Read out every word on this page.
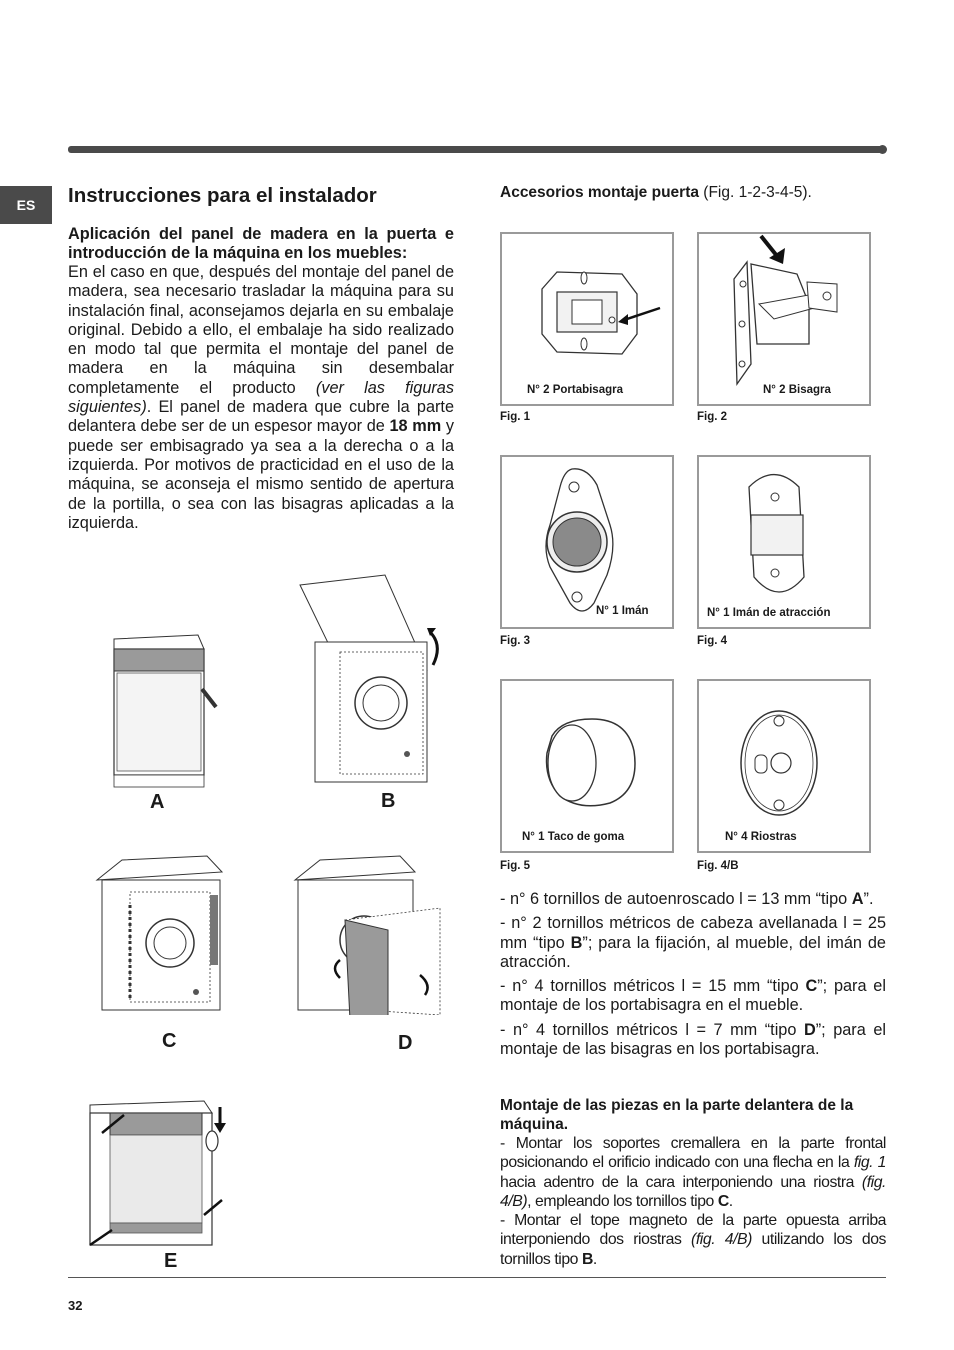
ES	Instrucciones para el instalador
Aplicación del panel de madera en la puerta e introducción de la máquina en los muebles:

En el caso en que, después del montaje del panel de madera, sea necesario trasladar la máquina para su instalación final, aconsejamos dejarla en su embalaje original. Debido a ello, el embalaje ha sido realizado en modo tal que permita el montaje del panel de madera en la máquina sin desembalar completamente el producto (ver las figuras siguientes). El panel de madera que cubre la parte delantera debe ser de un espesor mayor de 18 mm y puede ser embisagrado ya sea a la derecha o a la izquierda. Por motivos de practicidad en el uso de la máquina, se aconseja el mismo sentido de apertura de la portilla, o sea con las bisagras aplicadas a la izquierda.

A	B
C	D
E
Accesorios montaje puerta (Fig. 1-2-3-4-5).
N° 2 Portabisagra
Fig. 1
N° 2 Bisagra
Fig. 2
N° 1 Imán
Fig. 3
N° 1 Imán de atracción
Fig. 4
N° 1 Taco de goma
Fig. 5
N° 4 Riostras
Fig. 4/B

- n° 6 tornillos de autoenroscado l = 13 mm “tipo A”.

- n° 2 tornillos métricos de cabeza avellanada l = 25 mm “tipo B”; para la fijación, al mueble, del imán de atracción.

- n° 4 tornillos métricos l = 15 mm “tipo C”; para el montaje de los portabisagra en el mueble.

- n° 4 tornillos métricos l = 7 mm “tipo D”; para el montaje de las bisagras en los portabisagra.

Montaje de las piezas en la parte delantera de la máquina.

- Montar los soportes cremallera en la parte frontal posicionando el orificio indicado con una flecha en la fig. 1 hacia adentro de la cara interponiendo una riostra (fig. 4/B), empleando los tornillos tipo C.

- Montar el tope magneto de la parte opuesta arriba interponiendo dos riostras (fig. 4/B) utilizando los dos tornillos tipo B.

32
